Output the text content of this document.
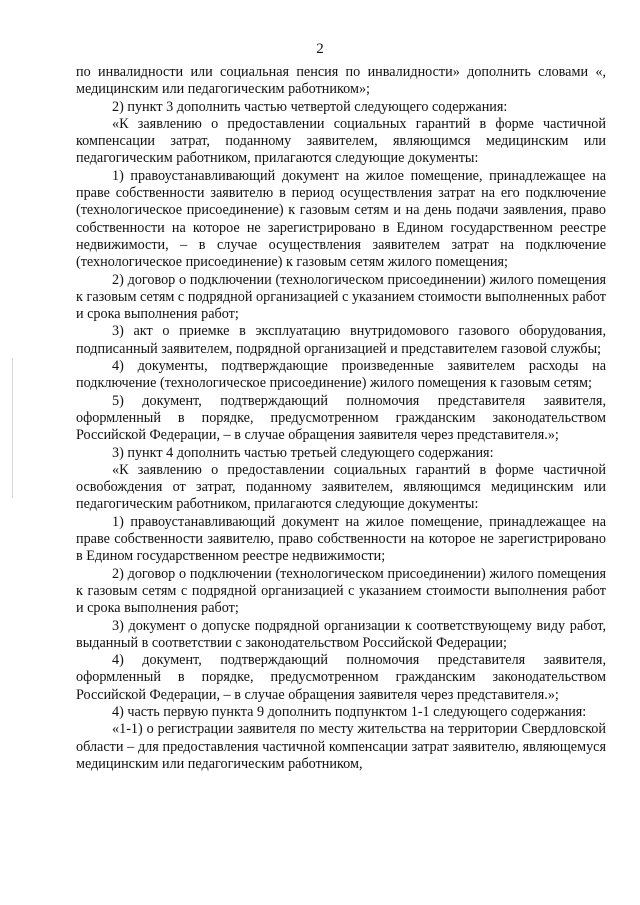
2

по инвалидности или социальная пенсия по инвалидности» дополнить словами «, медицинским или педагогическим работником»;

2) пункт 3 дополнить частью четвертой следующего содержания:

«К заявлению о предоставлении социальных гарантий в форме частичной компенсации затрат, поданному заявителем, являющимся медицинским или педагогическим работником, прилагаются следующие документы:

1) правоустанавливающий документ на жилое помещение, принадлежащее на праве собственности заявителю в период осуществления затрат на его подключение (технологическое присоединение) к газовым сетям и на день подачи заявления, право собственности на которое не зарегистрировано в Едином государственном реестре недвижимости, – в случае осуществления заявителем затрат на подключение (технологическое присоединение) к газовым сетям жилого помещения;

2) договор о подключении (технологическом присоединении) жилого помещения к газовым сетям с подрядной организацией с указанием стоимости выполненных работ и срока выполнения работ;

3) акт о приемке в эксплуатацию внутридомового газового оборудования, подписанный заявителем, подрядной организацией и представителем газовой службы;

4) документы, подтверждающие произведенные заявителем расходы на подключение (технологическое присоединение) жилого помещения к газовым сетям;

5) документ, подтверждающий полномочия представителя заявителя, оформленный в порядке, предусмотренном гражданским законодательством Российской Федерации, – в случае обращения заявителя через представителя.»;

3) пункт 4 дополнить частью третьей следующего содержания:

«К заявлению о предоставлении социальных гарантий в форме частичной освобождения от затрат, поданному заявителем, являющимся медицинским или педагогическим работником, прилагаются следующие документы:

1) правоустанавливающий документ на жилое помещение, принадлежащее на праве собственности заявителю, право собственности на которое не зарегистрировано в Едином государственном реестре недвижимости;

2) договор о подключении (технологическом присоединении) жилого помещения к газовым сетям с подрядной организацией с указанием стоимости выполнения работ и срока выполнения работ;

3) документ о допуске подрядной организации к соответствующему виду работ, выданный в соответствии с законодательством Российской Федерации;

4) документ, подтверждающий полномочия представителя заявителя, оформленный в порядке, предусмотренном гражданским законодательством Российской Федерации, – в случае обращения заявителя через представителя.»;

4) часть первую пункта 9 дополнить подпунктом 1-1 следующего содержания:

«1-1) о регистрации заявителя по месту жительства на территории Свердловской области – для предоставления частичной компенсации затрат заявителю, являющемуся медицинским или педагогическим работником,
